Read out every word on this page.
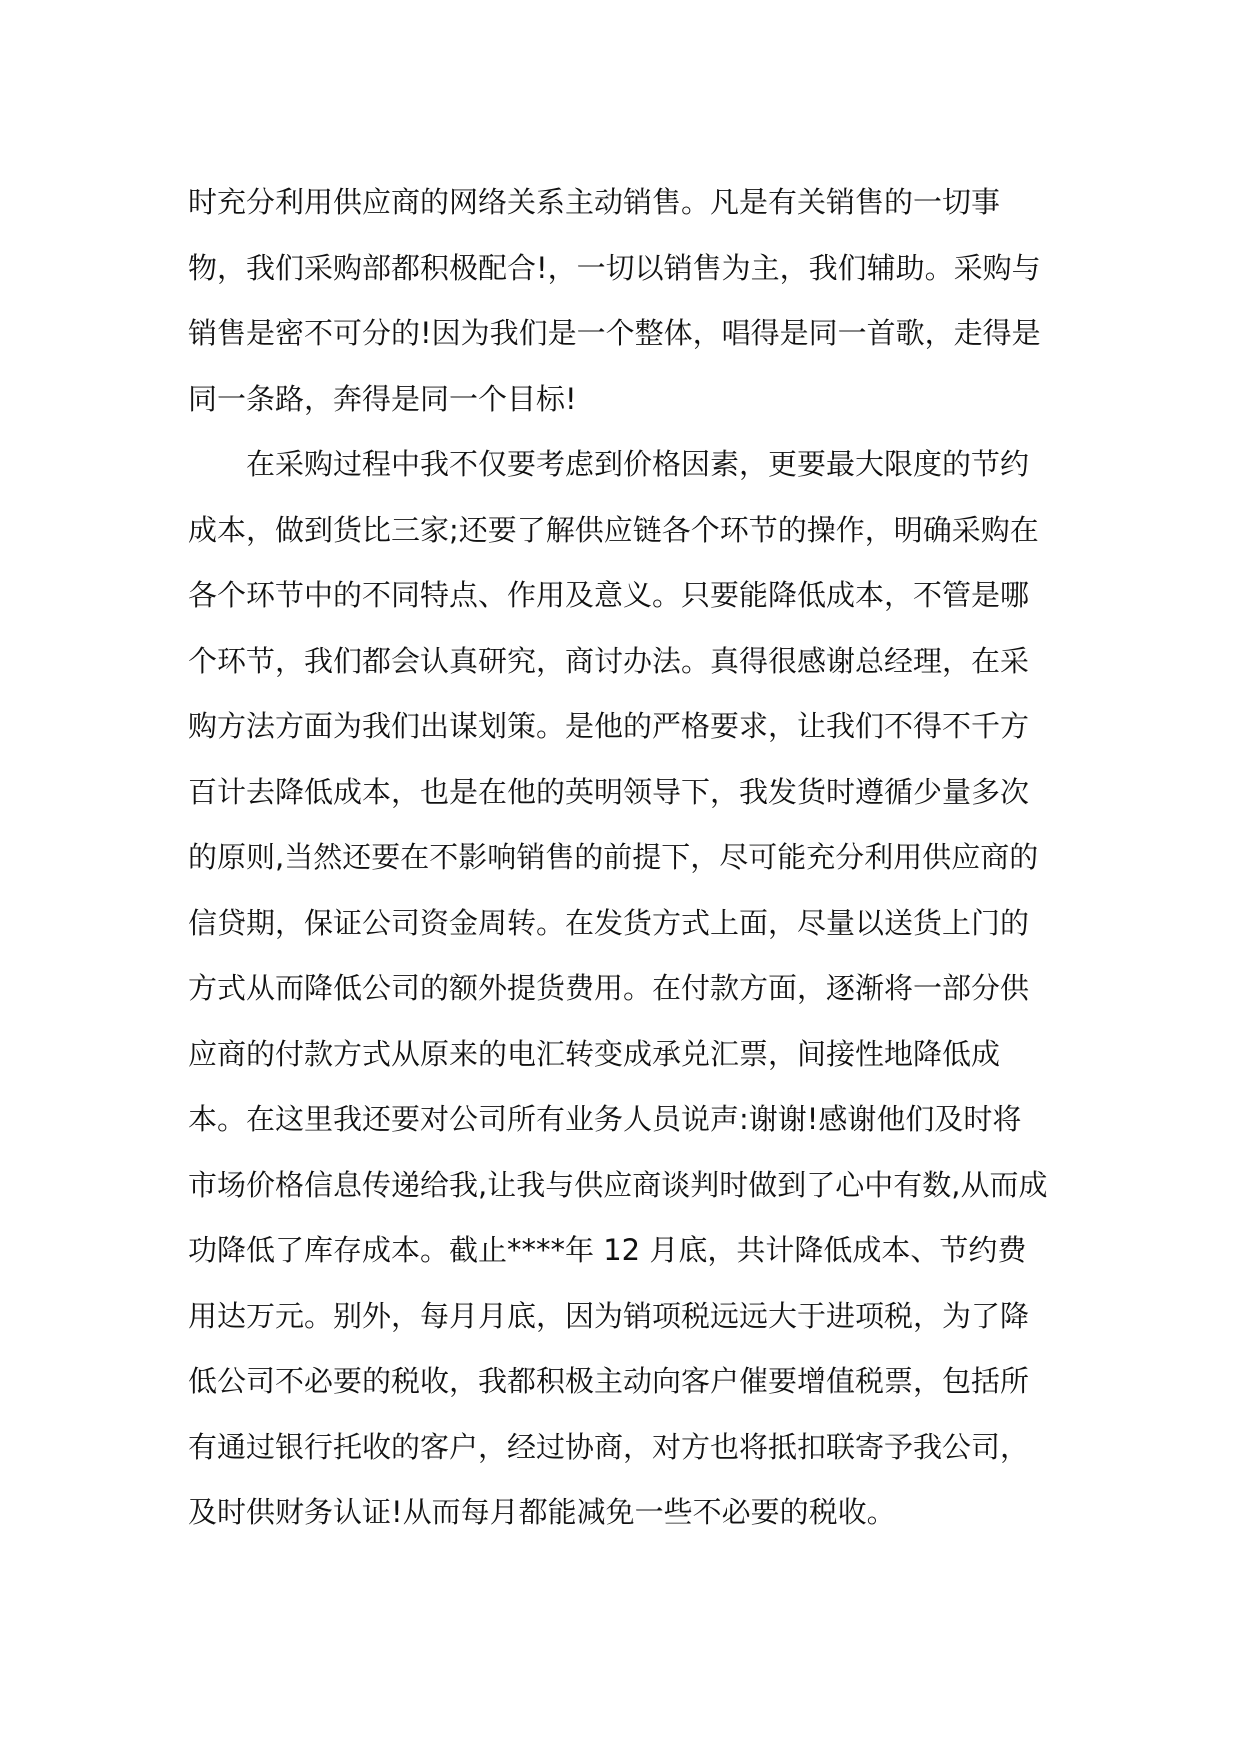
时充分利用供应商的网络关系主动销售。凡是有关销售的一切事
物，我们采购部都积极配合!，一切以销售为主，我们辅助。采购与
销售是密不可分的!因为我们是一个整体，唱得是同一首歌，走得是
同一条路，奔得是同一个目标!
在采购过程中我不仅要考虑到价格因素，更要最大限度的节约
成本，做到货比三家;还要了解供应链各个环节的操作，明确采购在
各个环节中的不同特点、作用及意义。只要能降低成本，不管是哪
个环节，我们都会认真研究，商讨办法。真得很感谢总经理，在采
购方法方面为我们出谋划策。是他的严格要求，让我们不得不千方
百计去降低成本，也是在他的英明领导下，我发货时遵循少量多次
的原则,当然还要在不影响销售的前提下，尽可能充分利用供应商的
信贷期，保证公司资金周转。在发货方式上面，尽量以送货上门的
方式从而降低公司的额外提货费用。在付款方面，逐渐将一部分供
应商的付款方式从原来的电汇转变成承兑汇票，间接性地降低成
本。在这里我还要对公司所有业务人员说声:谢谢!感谢他们及时将
市场价格信息传递给我,让我与供应商谈判时做到了心中有数,从而成
功降低了库存成本。截止****年 12 月底，共计降低成本、节约费
用达万元。别外，每月月底，因为销项税远远大于进项税，为了降
低公司不必要的税收，我都积极主动向客户催要增值税票，包括所
有通过银行托收的客户，经过协商，对方也将抵扣联寄予我公司，
及时供财务认证!从而每月都能减免一些不必要的税收。
